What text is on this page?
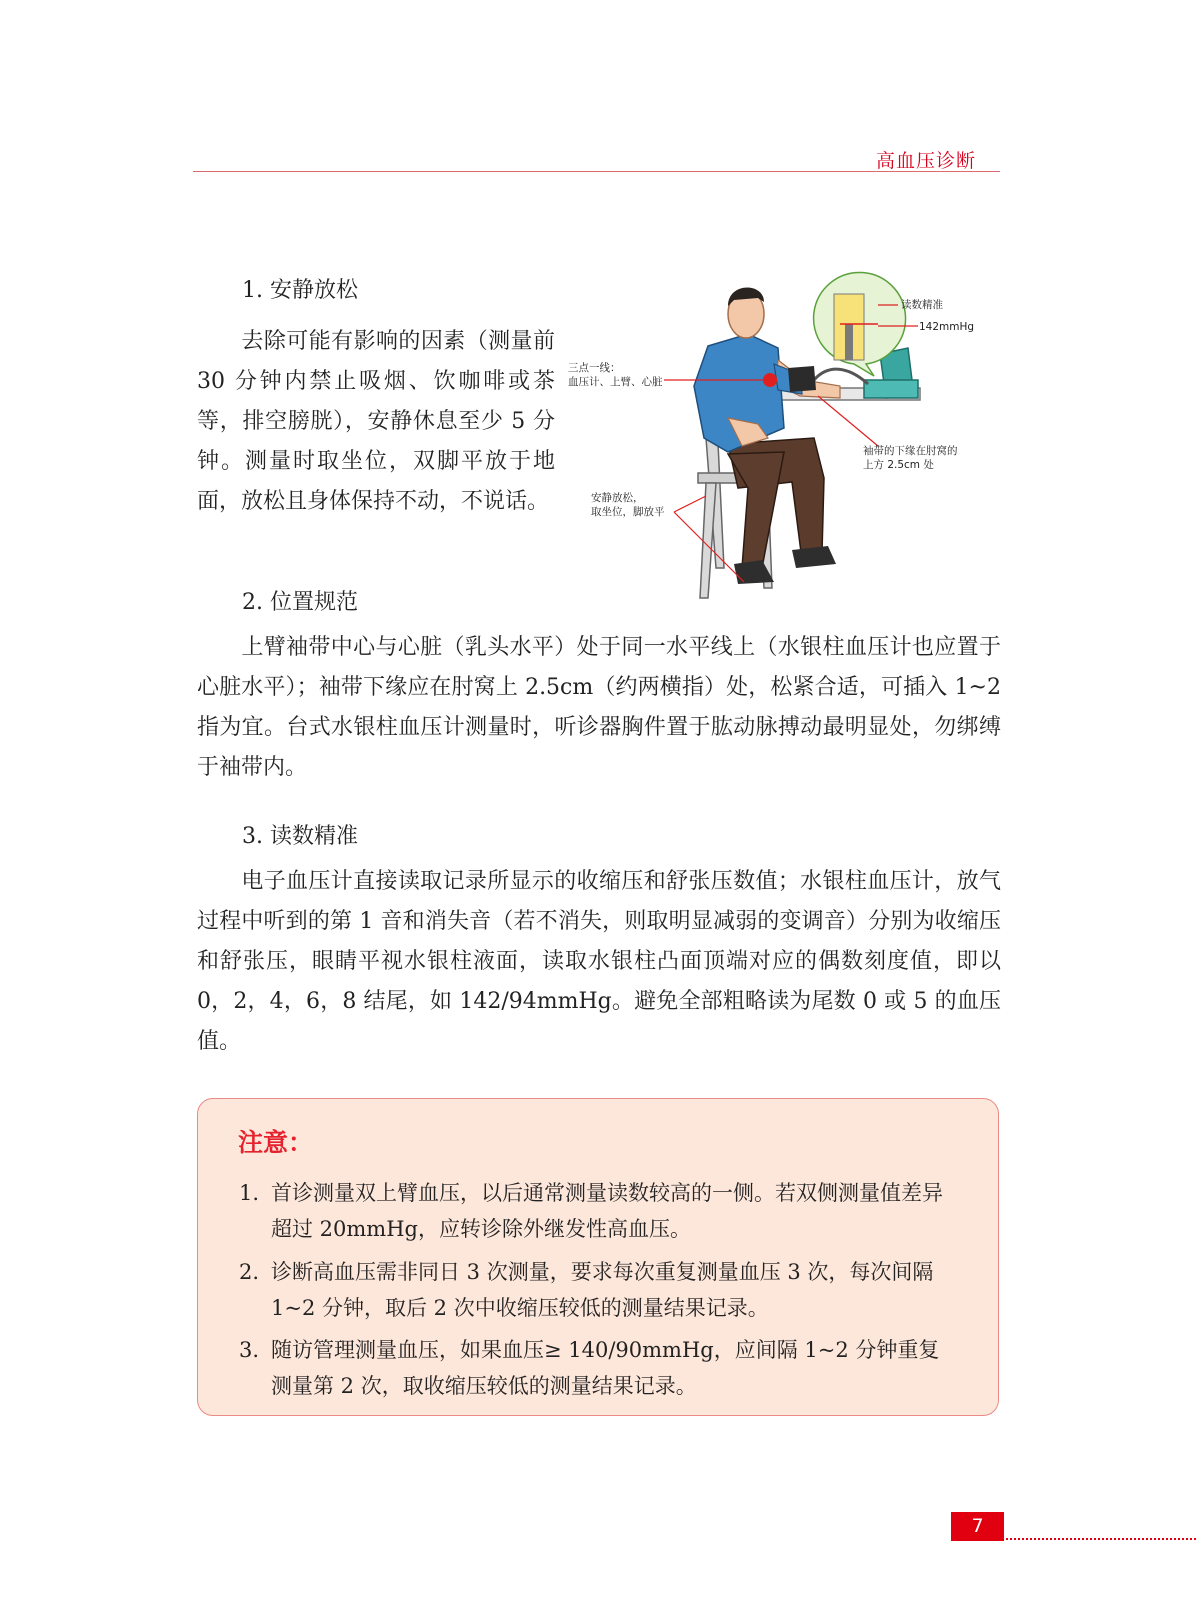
高血压诊断
1. 安静放松

去除可能有影响的因素（测量前 30 分钟内禁止吸烟、饮咖啡或茶等，排空膀胱），安静休息至少 5 分钟。测量时取坐位，双脚平放于地面，放松且身体保持不动，不说话。

三点一线：
血压计、上臂、心脏
读数精准
142mmHg
袖带的下缘在肘窝的
上方 2.5cm 处
安静放松，
取坐位，脚放平
2. 位置规范

上臂袖带中心与心脏（乳头水平）处于同一水平线上（水银柱血压计也应置于心脏水平）；袖带下缘应在肘窝上 2.5cm（约两横指）处，松紧合适，可插入 1~2 指为宜。台式水银柱血压计测量时，听诊器胸件置于肱动脉搏动最明显处，勿绑缚于袖带内。

3. 读数精准

电子血压计直接读取记录所显示的收缩压和舒张压数值；水银柱血压计，放气过程中听到的第 1 音和消失音（若不消失，则取明显减弱的变调音）分别为收缩压和舒张压，眼睛平视水银柱液面，读取水银柱凸面顶端对应的偶数刻度值，即以 0，2，4，6，8 结尾，如 142/94mmHg。避免全部粗略读为尾数 0 或 5 的血压值。

注意：
1. 首诊测量双上臂血压，以后通常测量读数较高的一侧。若双侧测量值差异超过 20mmHg，应转诊除外继发性高血压。
2. 诊断高血压需非同日 3 次测量，要求每次重复测量血压 3 次，每次间隔 1~2 分钟，取后 2 次中收缩压较低的测量结果记录。
3. 随访管理测量血压，如果血压≥ 140/90mmHg，应间隔 1~2 分钟重复测量第 2 次，取收缩压较低的测量结果记录。
7
